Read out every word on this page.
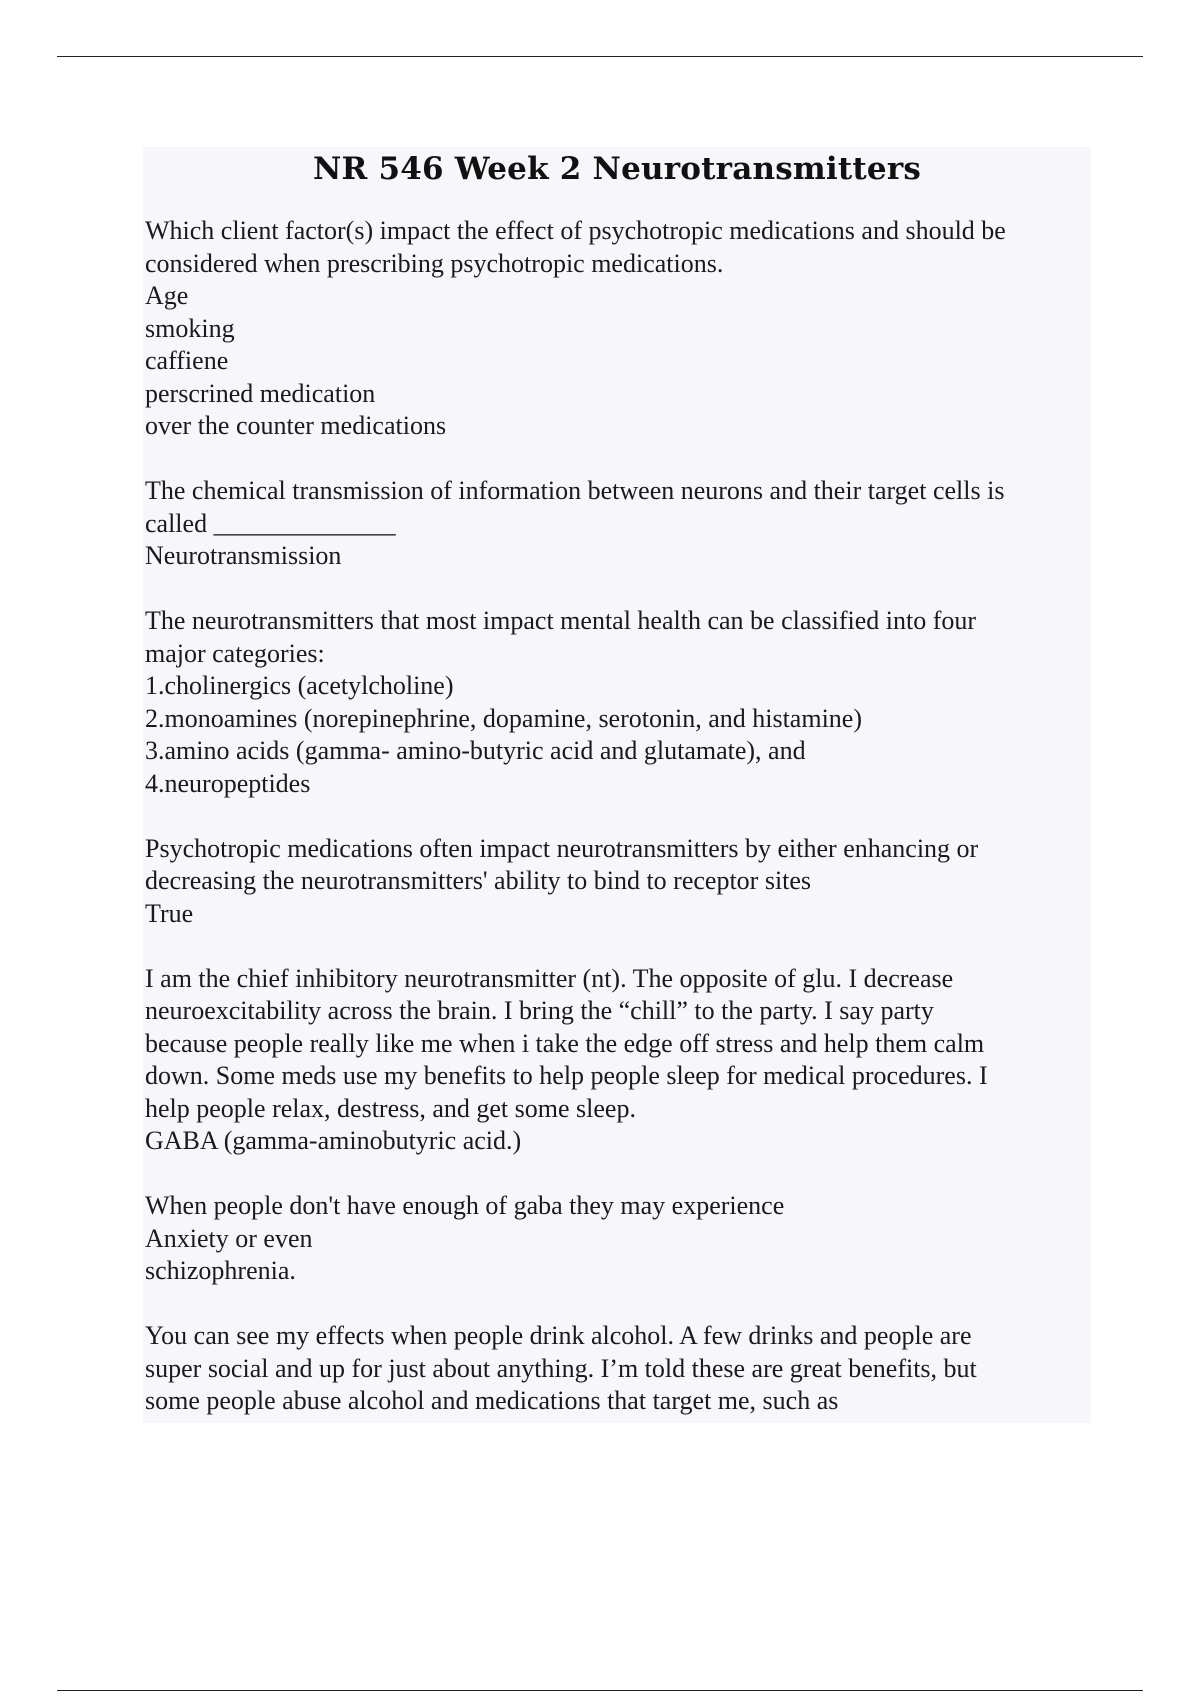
NR 546 Week 2 Neurotransmitters
Which client factor(s) impact the effect of psychotropic medications and should be
considered when prescribing psychotropic medications.
Age
smoking
caffiene
perscrined medication
over the counter medications
The chemical transmission of information between neurons and their target cells is
called ______________
Neurotransmission
The neurotransmitters that most impact mental health can be classified into four
major categories:
1.cholinergics (acetylcholine)
2.monoamines (norepinephrine, dopamine, serotonin, and histamine)
3.amino acids (gamma- amino-butyric acid and glutamate), and
4.neuropeptides
Psychotropic medications often impact neurotransmitters by either enhancing or
decreasing the neurotransmitters' ability to bind to receptor sites
True
I am the chief inhibitory neurotransmitter (nt). The opposite of glu. I decrease
neuroexcitability across the brain. I bring the “chill” to the party. I say party
because people really like me when i take the edge off stress and help them calm
down. Some meds use my benefits to help people sleep for medical procedures. I
help people relax, destress, and get some sleep.
GABA (gamma-aminobutyric acid.)
When people don't have enough of gaba they may experience
Anxiety or even
schizophrenia.
You can see my effects when people drink alcohol. A few drinks and people are
super social and up for just about anything. I’m told these are great benefits, but
some people abuse alcohol and medications that target me, such as
